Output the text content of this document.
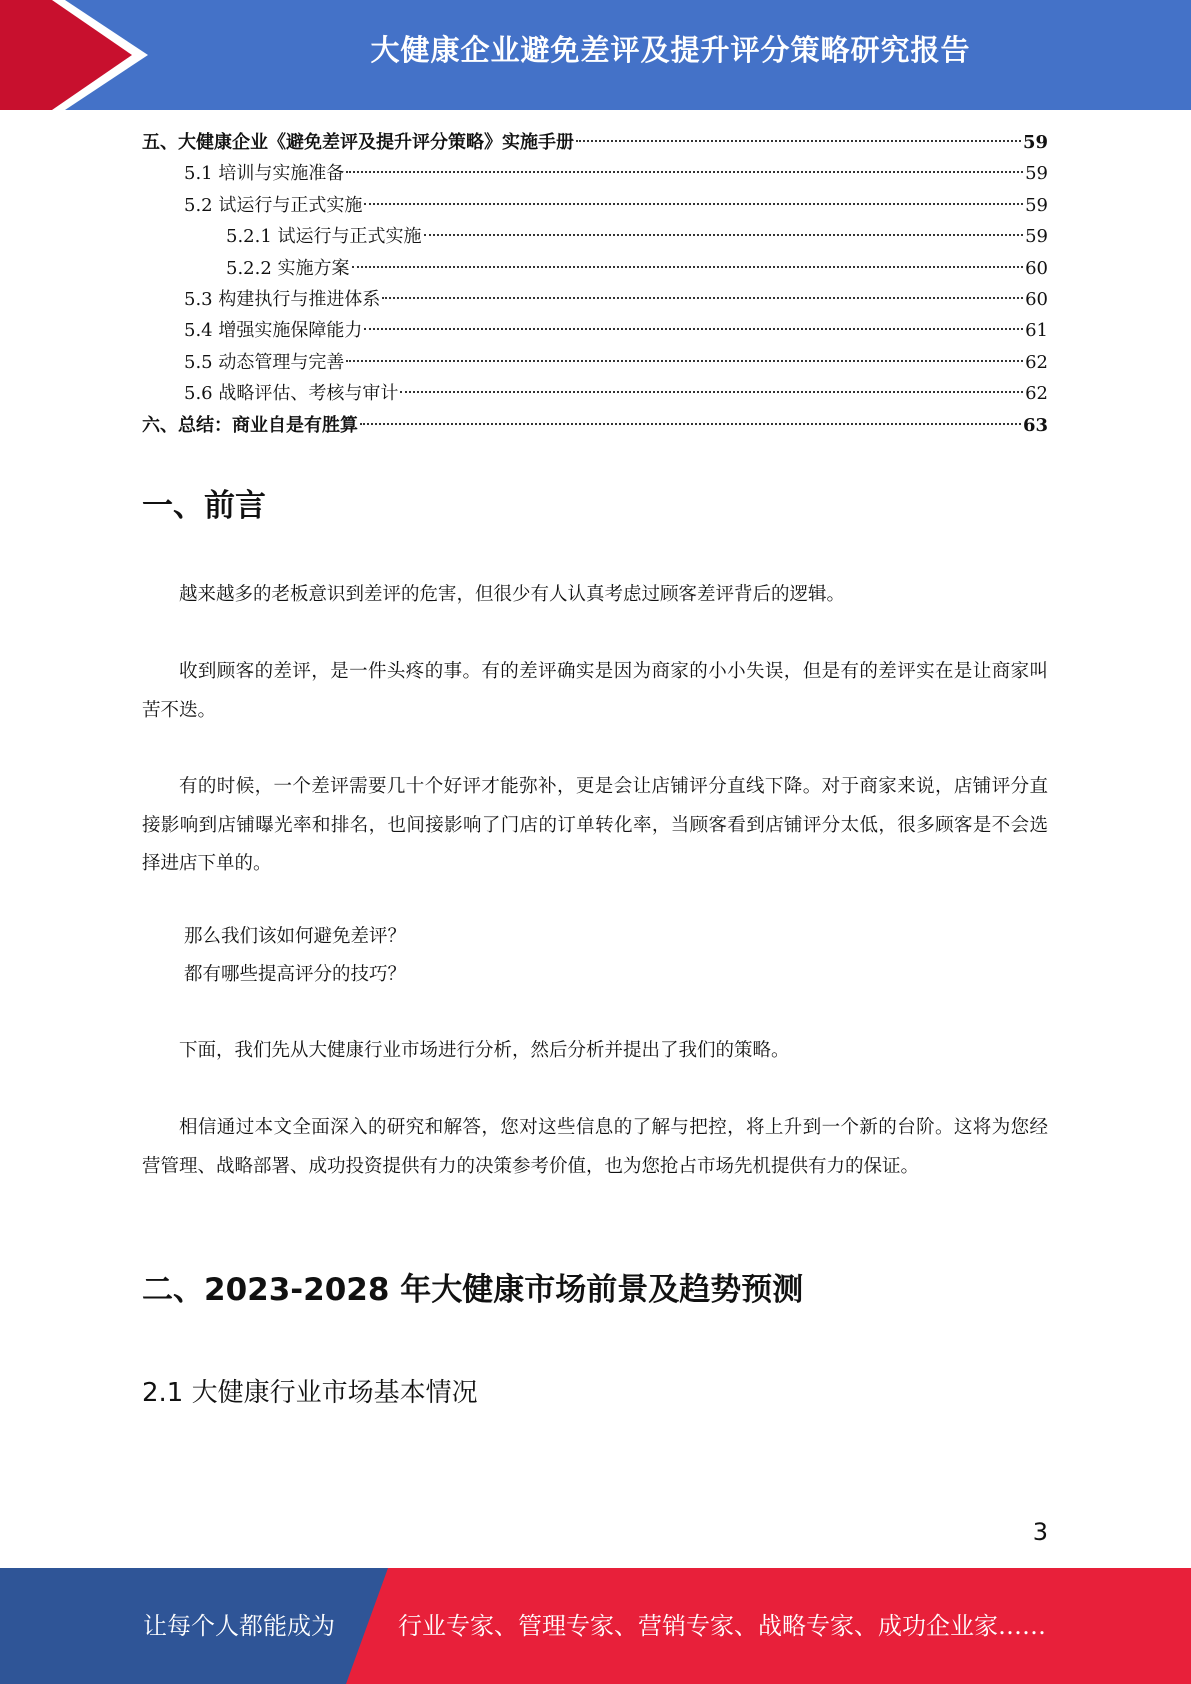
大健康企业避免差评及提升评分策略研究报告
五、大健康企业《避免差评及提升评分策略》实施手册	59
5.1 培训与实施准备	59
5.2 试运行与正式实施	59
5.2.1 试运行与正式实施	59
5.2.2 实施方案	60
5.3 构建执行与推进体系	60
5.4 增强实施保障能力	61
5.5 动态管理与完善	62
5.6 战略评估、考核与审计	62
六、总结：商业自是有胜算	63
一、前言
越来越多的老板意识到差评的危害，但很少有人认真考虑过顾客差评背后的逻辑。
收到顾客的差评，是一件头疼的事。有的差评确实是因为商家的小小失误，但是有的差评实在是让商家叫苦不迭。
有的时候，一个差评需要几十个好评才能弥补，更是会让店铺评分直线下降。对于商家来说，店铺评分直接影响到店铺曝光率和排名，也间接影响了门店的订单转化率，当顾客看到店铺评分太低，很多顾客是不会选择进店下单的。
那么我们该如何避免差评？
都有哪些提高评分的技巧？
下面，我们先从大健康行业市场进行分析，然后分析并提出了我们的策略。
相信通过本文全面深入的研究和解答，您对这些信息的了解与把控，将上升到一个新的台阶。这将为您经营管理、战略部署、成功投资提供有力的决策参考价值，也为您抢占市场先机提供有力的保证。
二、2023-2028 年大健康市场前景及趋势预测
2.1 大健康行业市场基本情况
3
让每个人都能成为	行业专家、管理专家、营销专家、战略专家、成功企业家……
